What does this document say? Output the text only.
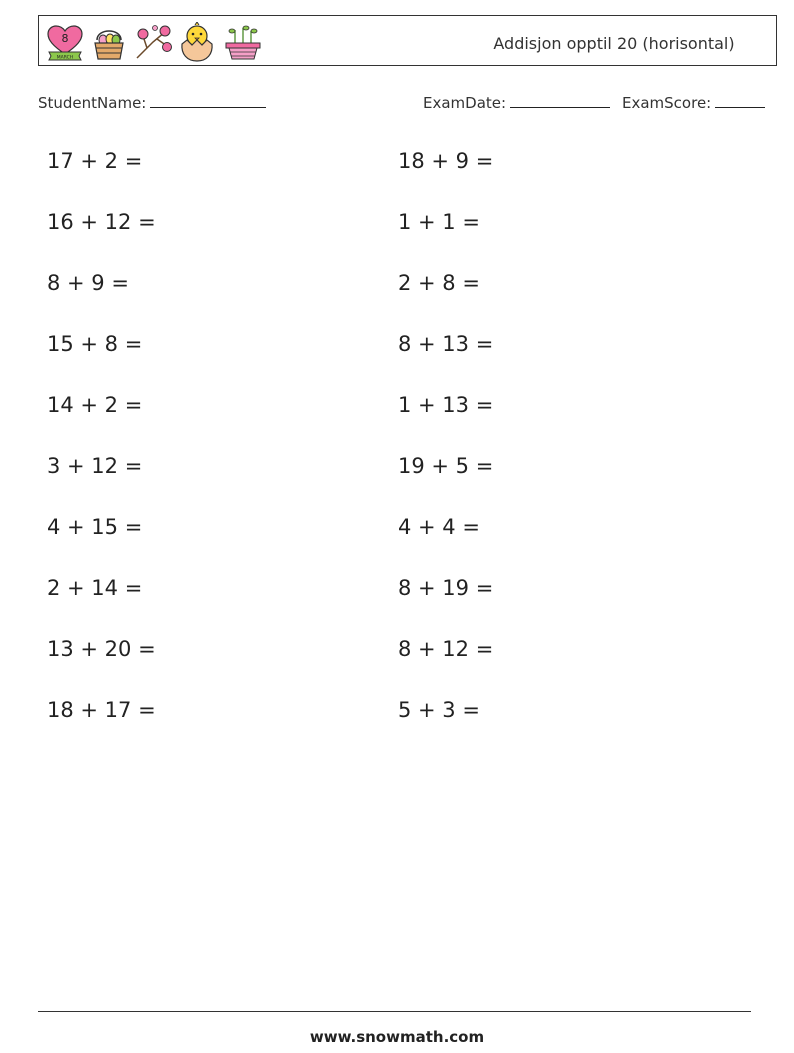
8
MARCH
Addisjon opptil 20 (horisontal)
StudentName:	ExamDate:	ExamScore:
17 + 2 =
16 + 12 =
8 + 9 =
15 + 8 =
14 + 2 =
3 + 12 =
4 + 15 =
2 + 14 =
13 + 20 =
18 + 17 =
18 + 9 =
1 + 1 =
2 + 8 =
8 + 13 =
1 + 13 =
19 + 5 =
4 + 4 =
8 + 19 =
8 + 12 =
5 + 3 =
www.snowmath.com
